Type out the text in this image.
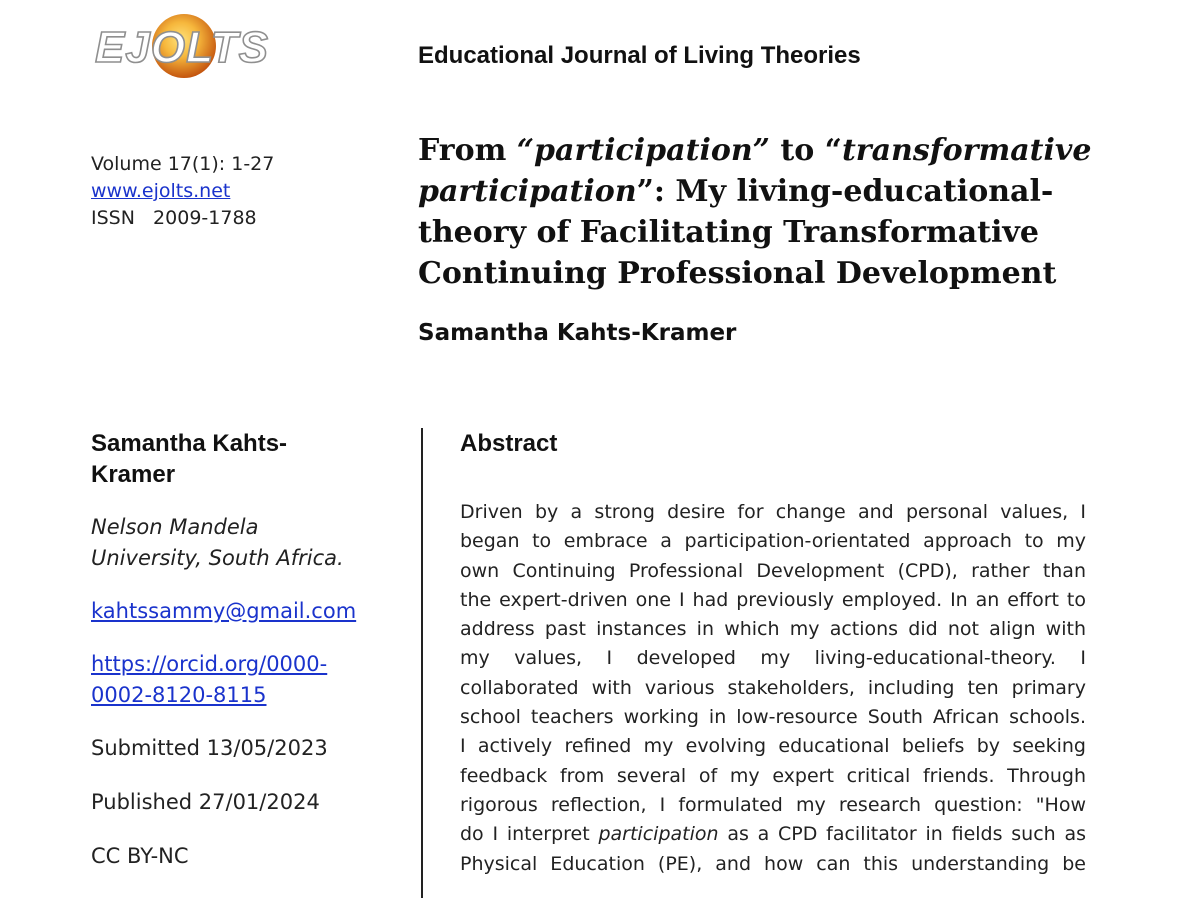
EJOLTS	Educational Journal of Living Theories
Volume 17(1): 1-27
www.ejolts.net
ISSN   2009-1788
From “participation” to “transformative
participation”: My living-educational-
theory of Facilitating Transformative
Continuing Professional Development
Samantha Kahts-Kramer
Samantha Kahts-
Kramer
Nelson Mandela
University, South Africa.
kahtssammy@gmail.com
https://orcid.org/0000-
0002-8120-8115
Submitted 13/05/2023
Published 27/01/2024
CC BY-NC
Abstract
Driven by a strong desire for change and personal values, I
began to embrace a participation-orientated approach to my
own Continuing Professional Development (CPD), rather than
the expert-driven one I had previously employed. In an effort to
address past instances in which my actions did not align with
my values, I developed my living-educational-theory. I
collaborated with various stakeholders, including ten primary
school teachers working in low-resource South African schools.
I actively refined my evolving educational beliefs by seeking
feedback from several of my expert critical friends. Through
rigorous reflection, I formulated my research question: "How
do I interpret participation as a CPD facilitator in fields such as
Physical Education (PE), and how can this understanding be
